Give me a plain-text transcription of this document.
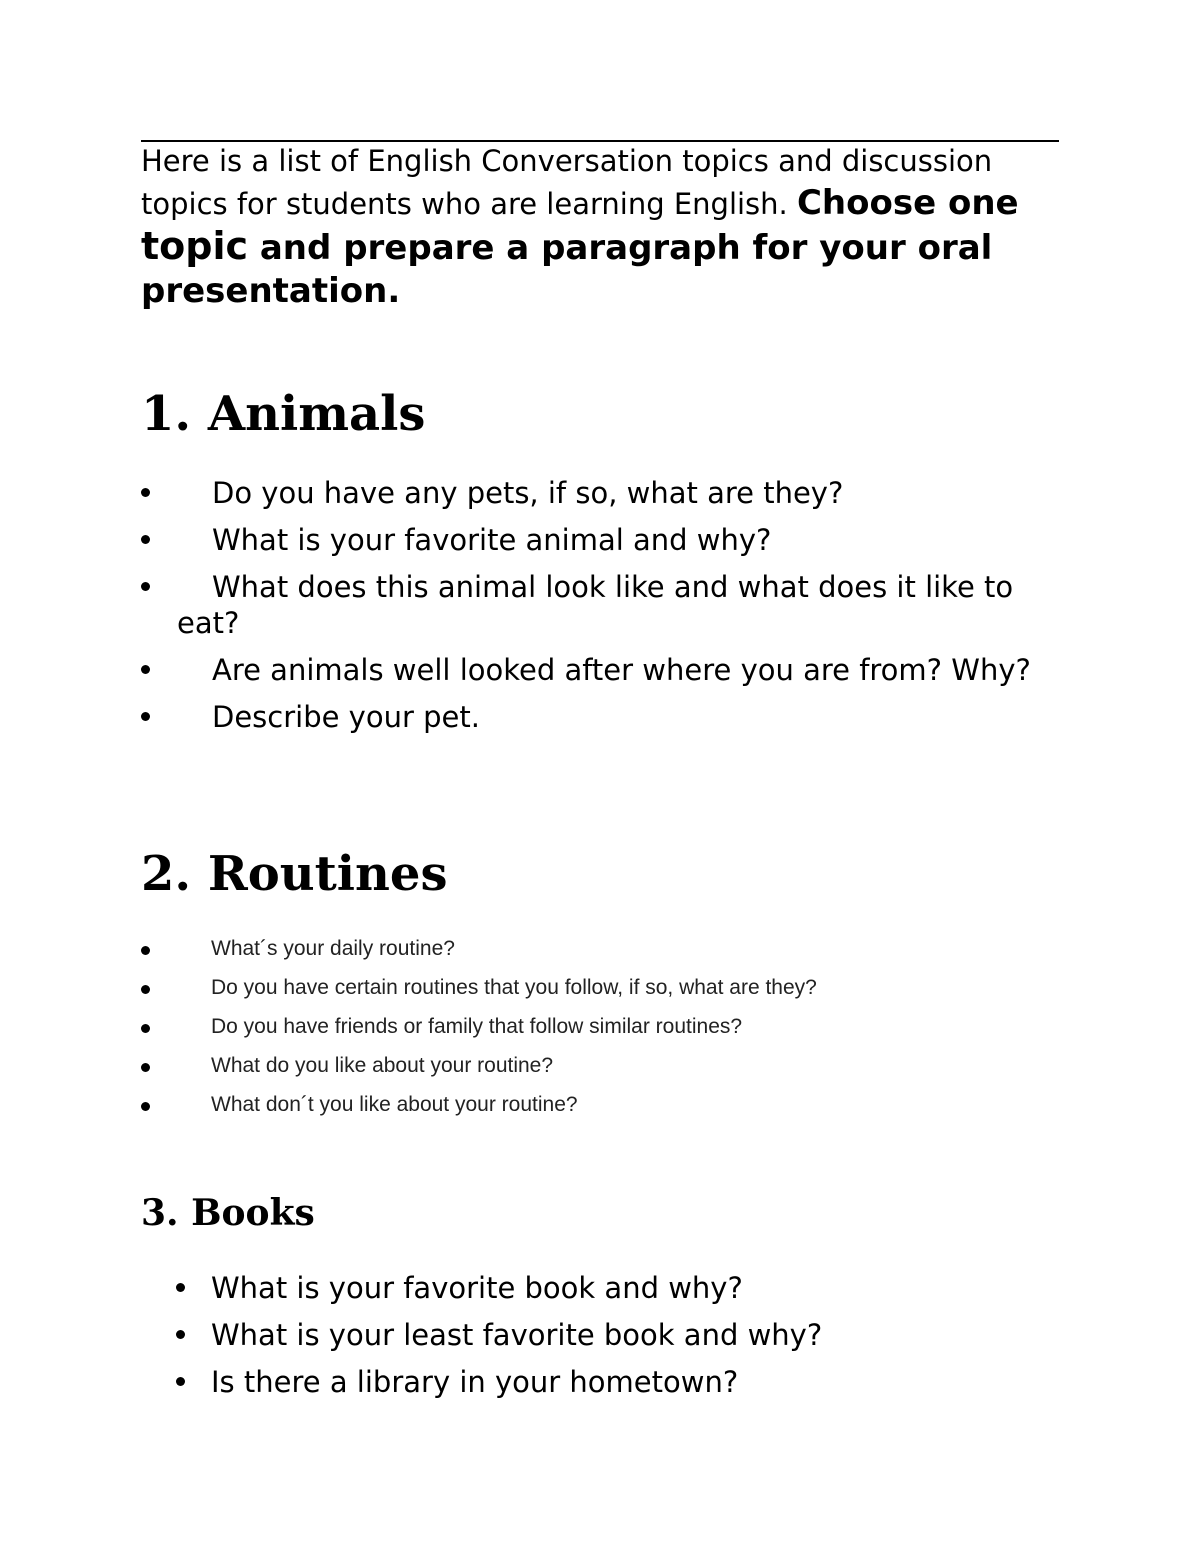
Here is a list of English Conversation topics and discussion topics for students who are learning English. Choose one topic and prepare a paragraph for your oral presentation.

1. Animals
Do you have any pets, if so, what are they?
What is your favorite animal and why?
What does this animal look like and what does it like to eat?
Are animals well looked after where you are from? Why?
Describe your pet.
2. Routines
What´s your daily routine?
Do you have certain routines that you follow, if so, what are they?
Do you have friends or family that follow similar routines?
What do you like about your routine?
What don´t you like about your routine?
3. Books
What is your favorite book and why?
What is your least favorite book and why?
Is there a library in your hometown?
